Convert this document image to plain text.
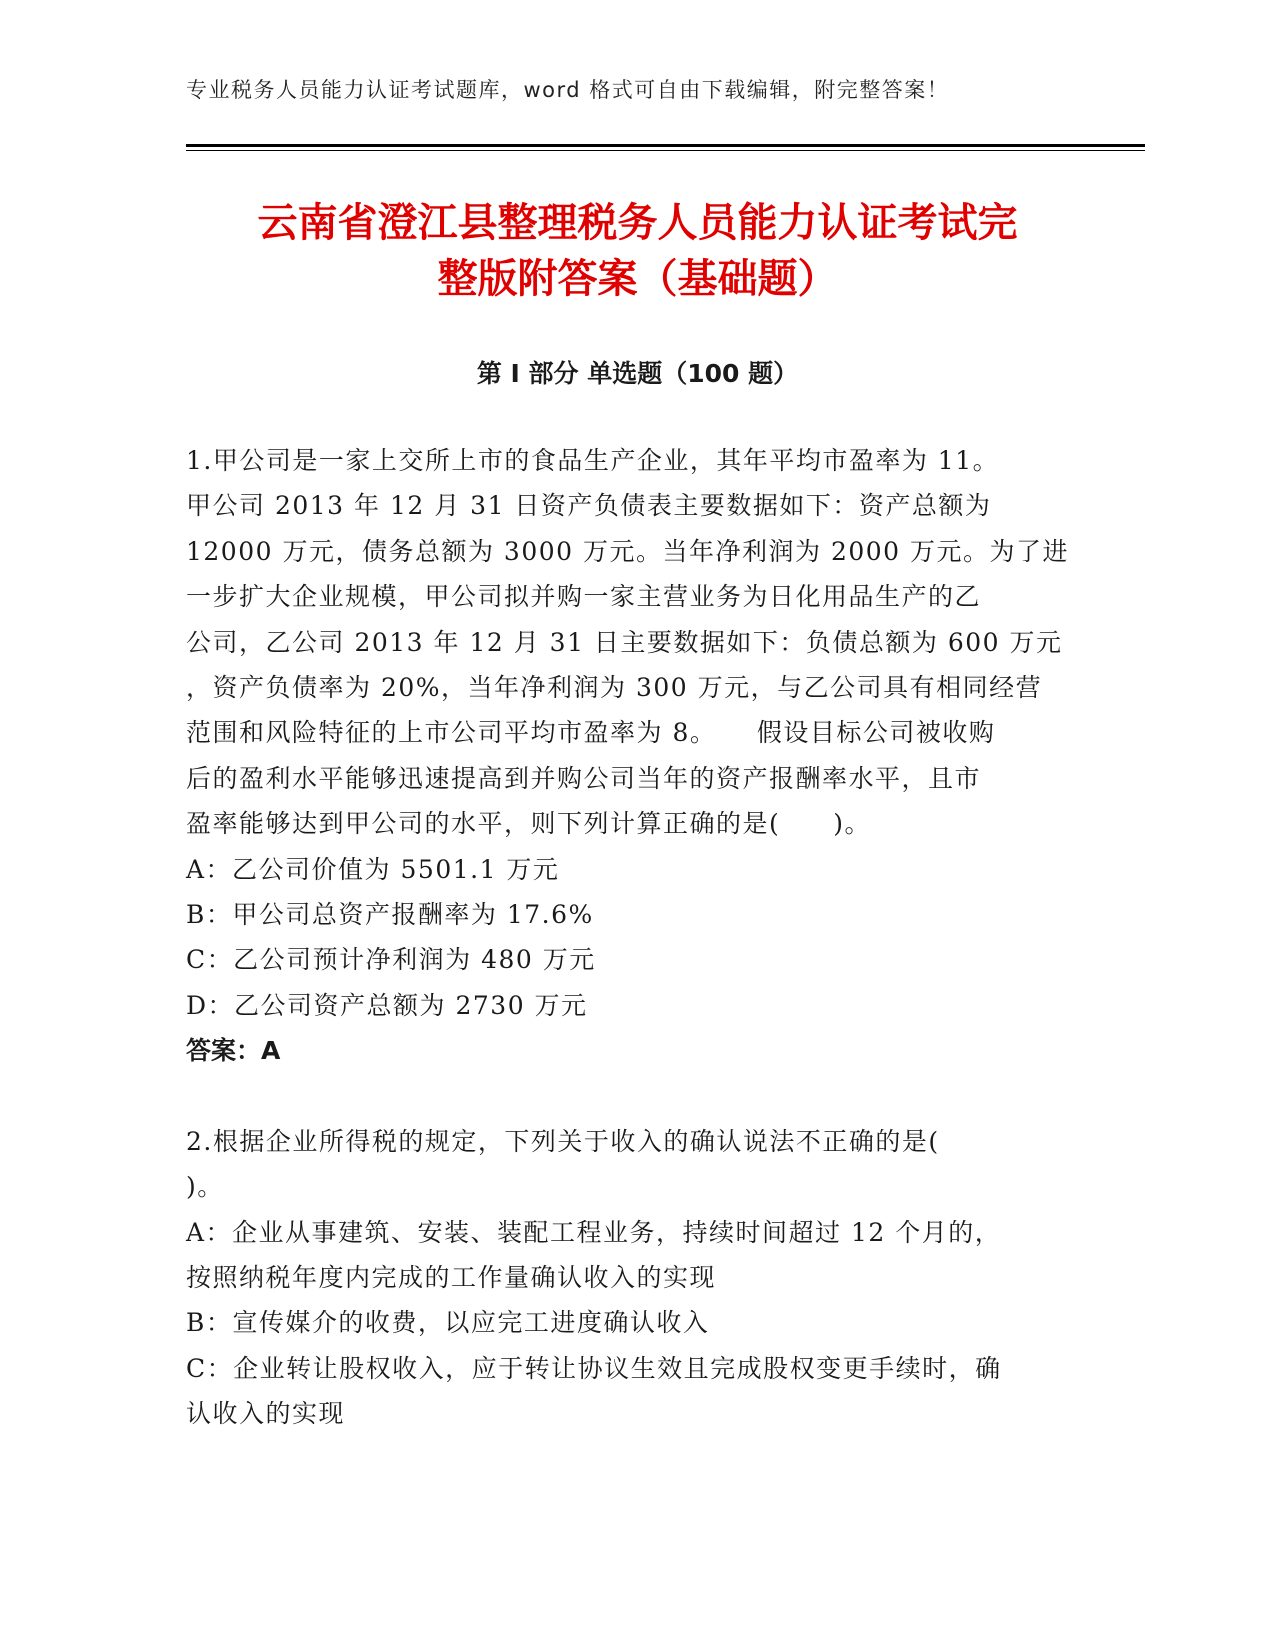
专业税务人员能力认证考试题库，word 格式可自由下载编辑，附完整答案！
云南省澄江县整理税务人员能力认证考试完
整版附答案（基础题）
第 I 部分 单选题（100 题）
1.甲公司是一家上交所上市的食品生产企业，其年平均市盈率为 11。
甲公司 2013 年 12 月 31 日资产负债表主要数据如下：资产总额为
12000 万元，债务总额为 3000 万元。当年净利润为 2000 万元。为了进
一步扩大企业规模，甲公司拟并购一家主营业务为日化用品生产的乙
公司，乙公司 2013 年 12 月 31 日主要数据如下：负债总额为 600 万元
，资产负债率为 20%，当年净利润为 300 万元，与乙公司具有相同经营
范围和风险特征的上市公司平均市盈率为 8。　　假设目标公司被收购
后的盈利水平能够迅速提高到并购公司当年的资产报酬率水平，且市
盈率能够达到甲公司的水平，则下列计算正确的是(　　)。
A：乙公司价值为 5501.1 万元
B：甲公司总资产报酬率为 17.6%
C：乙公司预计净利润为 480 万元
D：乙公司资产总额为 2730 万元
答案：A
2.根据企业所得税的规定，下列关于收入的确认说法不正确的是(
)。
A：企业从事建筑、安装、装配工程业务，持续时间超过 12 个月的，
按照纳税年度内完成的工作量确认收入的实现
B：宣传媒介的收费，以应完工进度确认收入
C：企业转让股权收入，应于转让协议生效且完成股权变更手续时，确
认收入的实现
